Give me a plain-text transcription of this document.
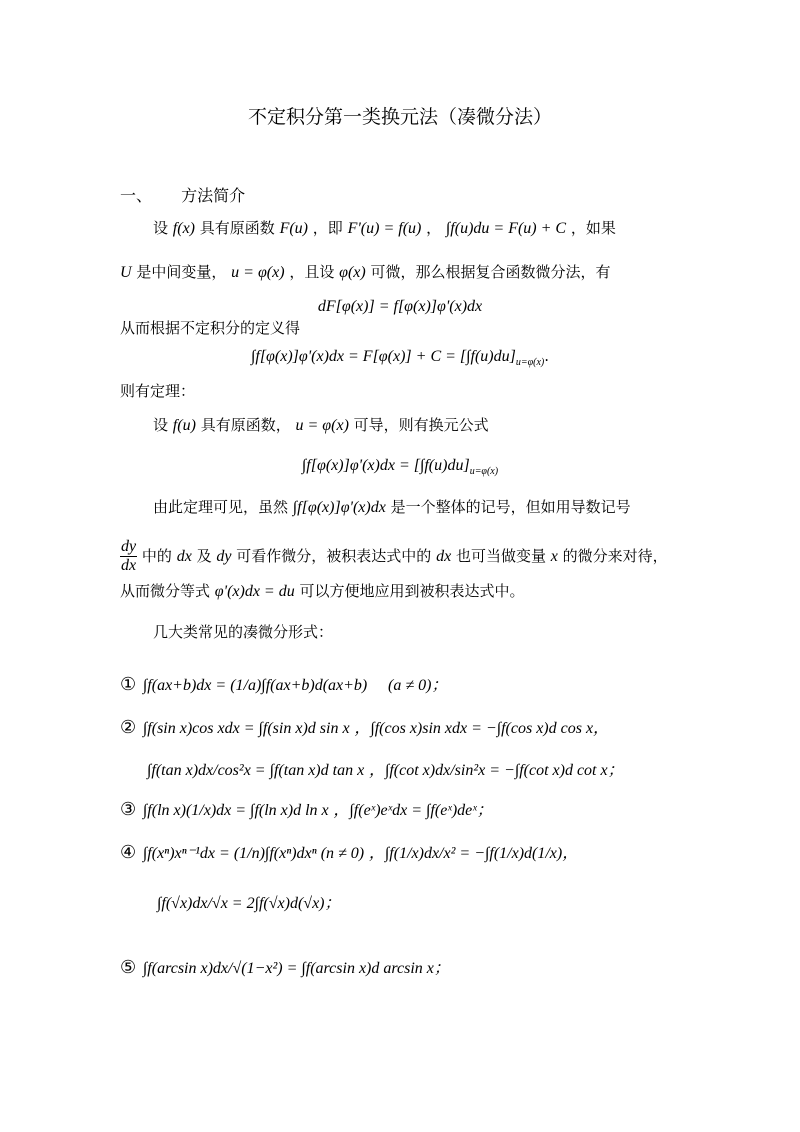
不定积分第一类换元法（凑微分法）
一、 方法简介
设 f(x) 具有原函数 F(u) ，即 F'(u) = f(u) ， ∫f(u)du = F(u) + C ，如果
U 是中间变量， u = φ(x) ，且设 φ(x) 可微，那么根据复合函数微分法，有
dF[φ(x)] = f[φ(x)]φ'(x)dx
从而根据不定积分的定义得
$\int f[\varphi(x)]\varphi'(x)dx = F[\varphi(x)] + C = [\int f(u)du]_{u=\varphi(x)}$.
则有定理：
设 f(u) 具有原函数， u = φ(x) 可导，则有换元公式
$\int f[\varphi(x)]\varphi'(x)dx = [\int f(u)du]_{u=\varphi(x)}$
由此定理可见，虽然 ∫f[φ(x)]φ'(x)dx 是一个整体的记号，但如用导数记号
$\frac{dy}{dx}$ 中的 dx 及 dy 可看作微分，被积表达式中的 dx 也可当做变量 x 的微分来对待，
从而微分等式 φ'(x)dx = du 可以方便地应用到被积表达式中。
几大类常见的凑微分形式：
① ∫f(ax+b)dx = (1/a)∫f(ax+b)d(ax+b) (a ≠ 0)；
② ∫f(sin x)cos xdx = ∫f(sin x)d sin x ，∫f(cos x)sin xdx = −∫f(cos x)d cos x，
∫f(tan x)dx/cos²x = ∫f(tan x)d tan x ，∫f(cot x)dx/sin²x = −∫f(cot x)d cot x；
③ ∫f(ln x)(1/x)dx = ∫f(ln x)d ln x ，∫f(eˣ)eˣdx = ∫f(eˣ)deˣ；
④ ∫f(xⁿ)xⁿ⁻¹dx = (1/n)∫f(xⁿ)dxⁿ (n ≠ 0) ，∫f(1/x)dx/x² = −∫f(1/x)d(1/x)，
∫f(√x)dx/√x = 2∫f(√x)d(√x)；
⑤ ∫f(arcsin x)dx/√(1−x²) = ∫f(arcsin x)d arcsin x；
